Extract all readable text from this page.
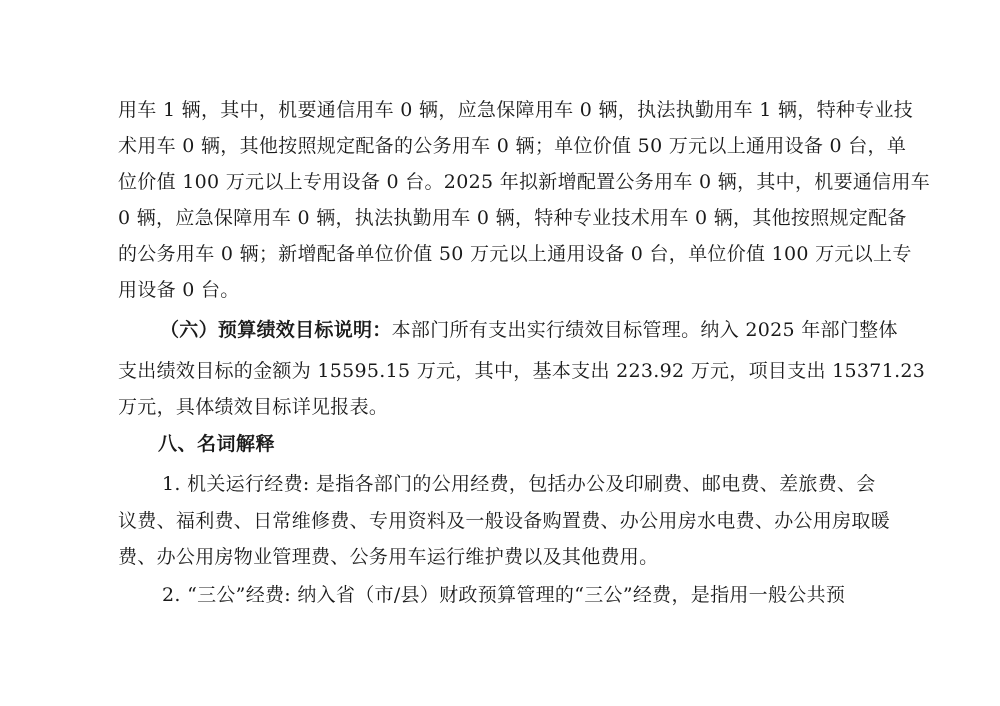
用车 1 辆，其中，机要通信用车 0 辆，应急保障用车 0 辆，执法执勤用车 1 辆，特种专业技
术用车 0 辆，其他按照规定配备的公务用车 0 辆；单位价值 50 万元以上通用设备 0 台，单
位价值 100 万元以上专用设备 0 台。2025 年拟新增配置公务用车 0 辆，其中，机要通信用车
0 辆，应急保障用车 0 辆，执法执勤用车 0 辆，特种专业技术用车 0 辆，其他按照规定配备
的公务用车 0 辆；新增配备单位价值 50 万元以上通用设备 0 台，单位价值 100 万元以上专
用设备 0 台。
（六）预算绩效目标说明：本部门所有支出实行绩效目标管理。纳入 2025 年部门整体
支出绩效目标的金额为 15595.15 万元，其中，基本支出 223.92 万元，项目支出 15371.23
万元，具体绩效目标详见报表。
八、名词解释
1. 机关运行经费: 是指各部门的公用经费，包括办公及印刷费、邮电费、差旅费、会
议费、福利费、日常维修费、专用资料及一般设备购置费、办公用房水电费、办公用房取暖
费、办公用房物业管理费、公务用车运行维护费以及其他费用。
2. “三公”经费: 纳入省（市/县）财政预算管理的“三公”经费，是指用一般公共预
